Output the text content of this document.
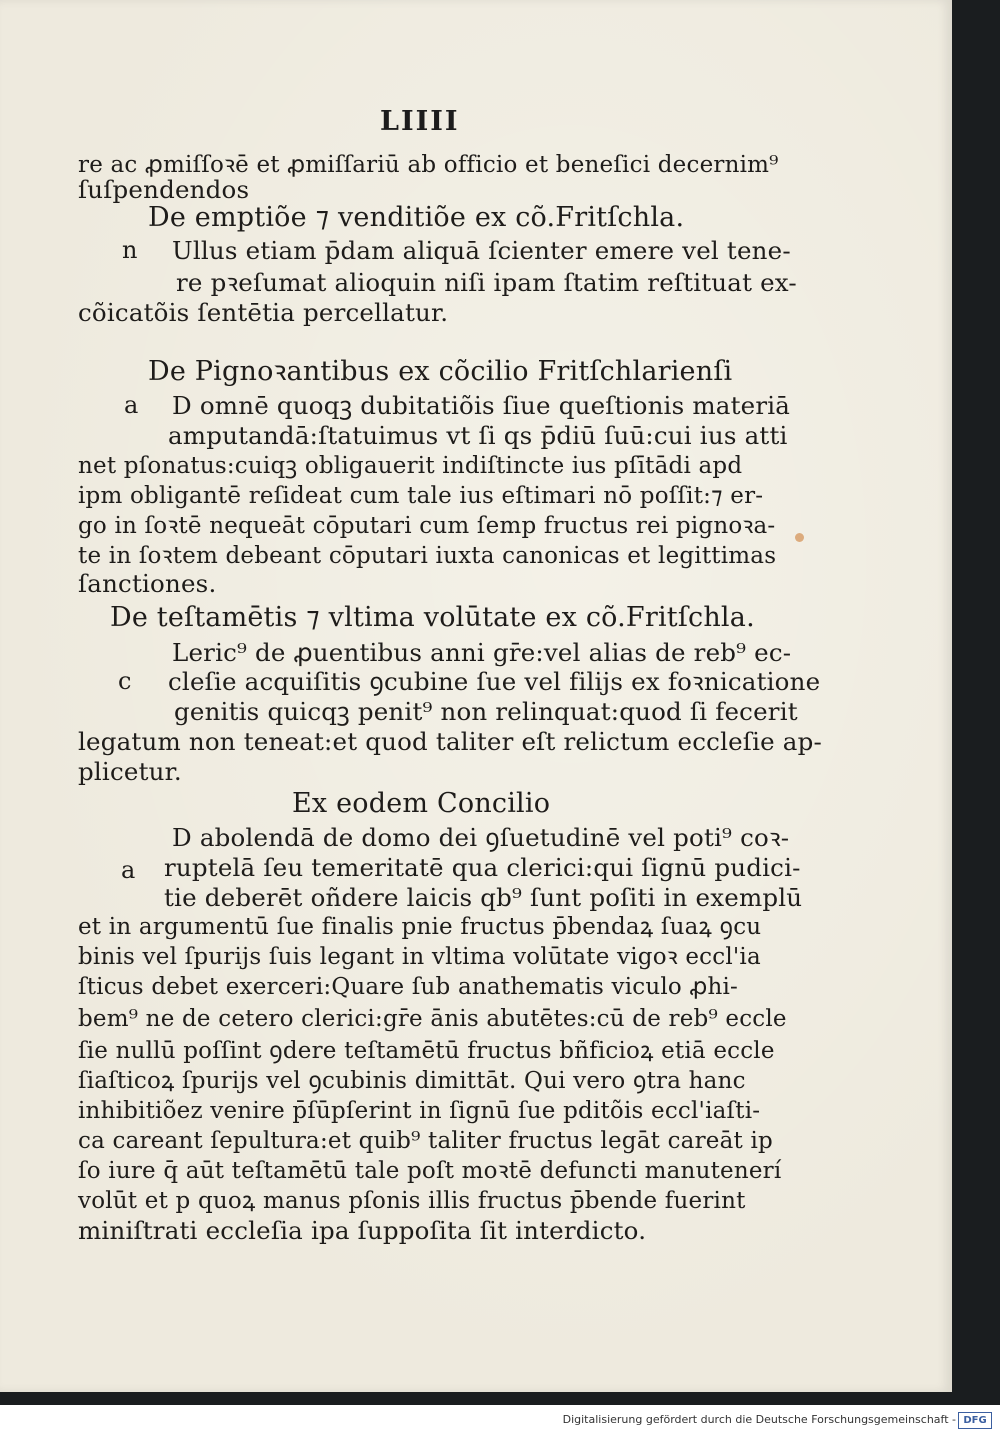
LIIII
n
a
c
a
re ac ꝓmiſſoꝛē et ꝓmiſſariū ab officio et beneſici decernim⁹
ſuſpendendos
De emptiõe ⁊ venditiõe ex cõ.Fritſchla.
Ullus etiam p̄dam aliquā ſcienter emere vel tene-
re pꝛeſumat alioquin niſi ipam ſtatim reſtituat ex-
cõicatõis ſentētia percellatur.
De Pignoꝛantibus ex cõcilio Fritſchlarienſi
D omnē quoqꝫ dubitatiõis ſiue queſtionis materiā
amputandā:ſtatuimus vt ſi qs p̄diū ſuū:cui ius atti
net pſonatus:cuiqꝫ obligauerit indiſtincte ius pſītādi apd
ipm obligantē reſideat cum tale ius eſtimari nō poſſit:⁊ er-
go in ſoꝛtē nequeāt cōputari cum ſemp fructus rei pignoꝛa-
te in ſoꝛtem debeant cōputari iuxta canonicas et legittimas
ſanctiones.
De teſtamētis ⁊ vltima volūtate ex cõ.Fritſchla.
Leric⁹ de ꝓuentibus anni gr̄e:vel alias de reb⁹ ec-
cleſie acquiſitis ꝯcubine ſue vel filijs ex foꝛnicatione
genitis quicqꝫ penit⁹ non relinquat:quod ſi fecerit
legatum non teneat:et quod taliter eſt relictum eccleſie ap-
plicetur.
Ex eodem Concilio
D abolendā de domo dei ꝯſuetudinē vel poti⁹ coꝛ-
ruptelā ſeu temeritatē qua clerici:qui ſignū pudici-
tie deberēt oñdere laicis qb⁹ ſunt poſiti in exemplū
et in argumentū ſue finalis pnie fructus p̄bendaꝝ ſuaꝝ ꝯcu
binis vel ſpurijs ſuis legant in vltima volūtate vigoꝛ eccl'ia
ſticus debet exerceri:Quare ſub anathematis viculo ꝓhi-
bem⁹ ne de cetero clerici:gr̄e ānis abutētes:cū de reb⁹ eccle
ſie nullū poſſint ꝯdere teſtamētū fructus bñficioꝝ etiā eccle
ſiaſticoꝝ ſpurijs vel ꝯcubinis dimittāt. Qui vero ꝯtra hanc
inhibitiõez venire p̄ſūpſerint in ſignū ſue pditõis eccl'iaſti-
ca careant ſepultura:et quib⁹ taliter fructus legāt careāt ip
ſo iure q̄ aūt teſtamētū tale poſt moꝛtē defuncti manutenerí
volūt et p quoꝝ manus pſonis illis fructus p̄bende fuerint
miniſtrati eccleſia ipa ſuppoſita ſit interdicto.
Digitalisierung gefördert durch die Deutsche Forschungsgemeinschaft - DFG
